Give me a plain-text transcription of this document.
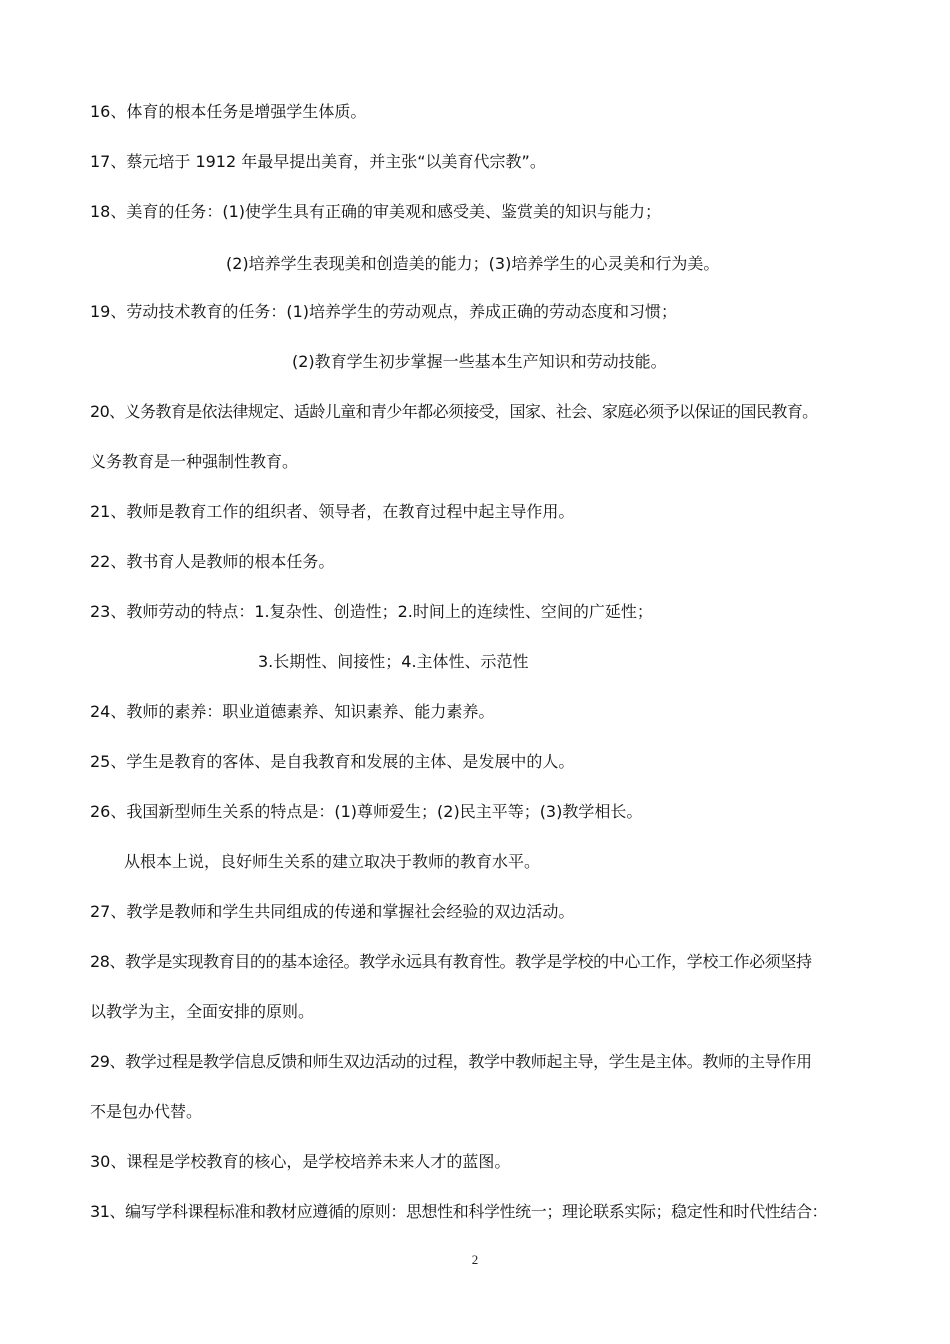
16、体育的根本任务是增强学生体质。
17、蔡元培于 1912 年最早提出美育，并主张“以美育代宗教”。
18、美育的任务：(1)使学生具有正确的审美观和感受美、鉴赏美的知识与能力；
(2)培养学生表现美和创造美的能力；(3)培养学生的心灵美和行为美。
19、劳动技术教育的任务：(1)培养学生的劳动观点，养成正确的劳动态度和习惯；
(2)教育学生初步掌握一些基本生产知识和劳动技能。
20、义务教育是依法律规定、适龄儿童和青少年都必须接受，国家、社会、家庭必须予以保证的国民教育。
义务教育是一种强制性教育。
21、教师是教育工作的组织者、领导者，在教育过程中起主导作用。
22、教书育人是教师的根本任务。
23、教师劳动的特点：1.复杂性、创造性；2.时间上的连续性、空间的广延性；
3.长期性、间接性；4.主体性、示范性
24、教师的素养：职业道德素养、知识素养、能力素养。
25、学生是教育的客体、是自我教育和发展的主体、是发展中的人。
26、我国新型师生关系的特点是：(1)尊师爱生；(2)民主平等；(3)教学相长。
从根本上说，良好师生关系的建立取决于教师的教育水平。
27、教学是教师和学生共同组成的传递和掌握社会经验的双边活动。
28、教学是实现教育目的的基本途径。教学永远具有教育性。教学是学校的中心工作，学校工作必须坚持
以教学为主，全面安排的原则。
29、教学过程是教学信息反馈和师生双边活动的过程，教学中教师起主导，学生是主体。教师的主导作用
不是包办代替。
30、课程是学校教育的核心，是学校培养未来人才的蓝图。
31、编写学科课程标准和教材应遵循的原则：思想性和科学性统一；理论联系实际；稳定性和时代性结合：
2
